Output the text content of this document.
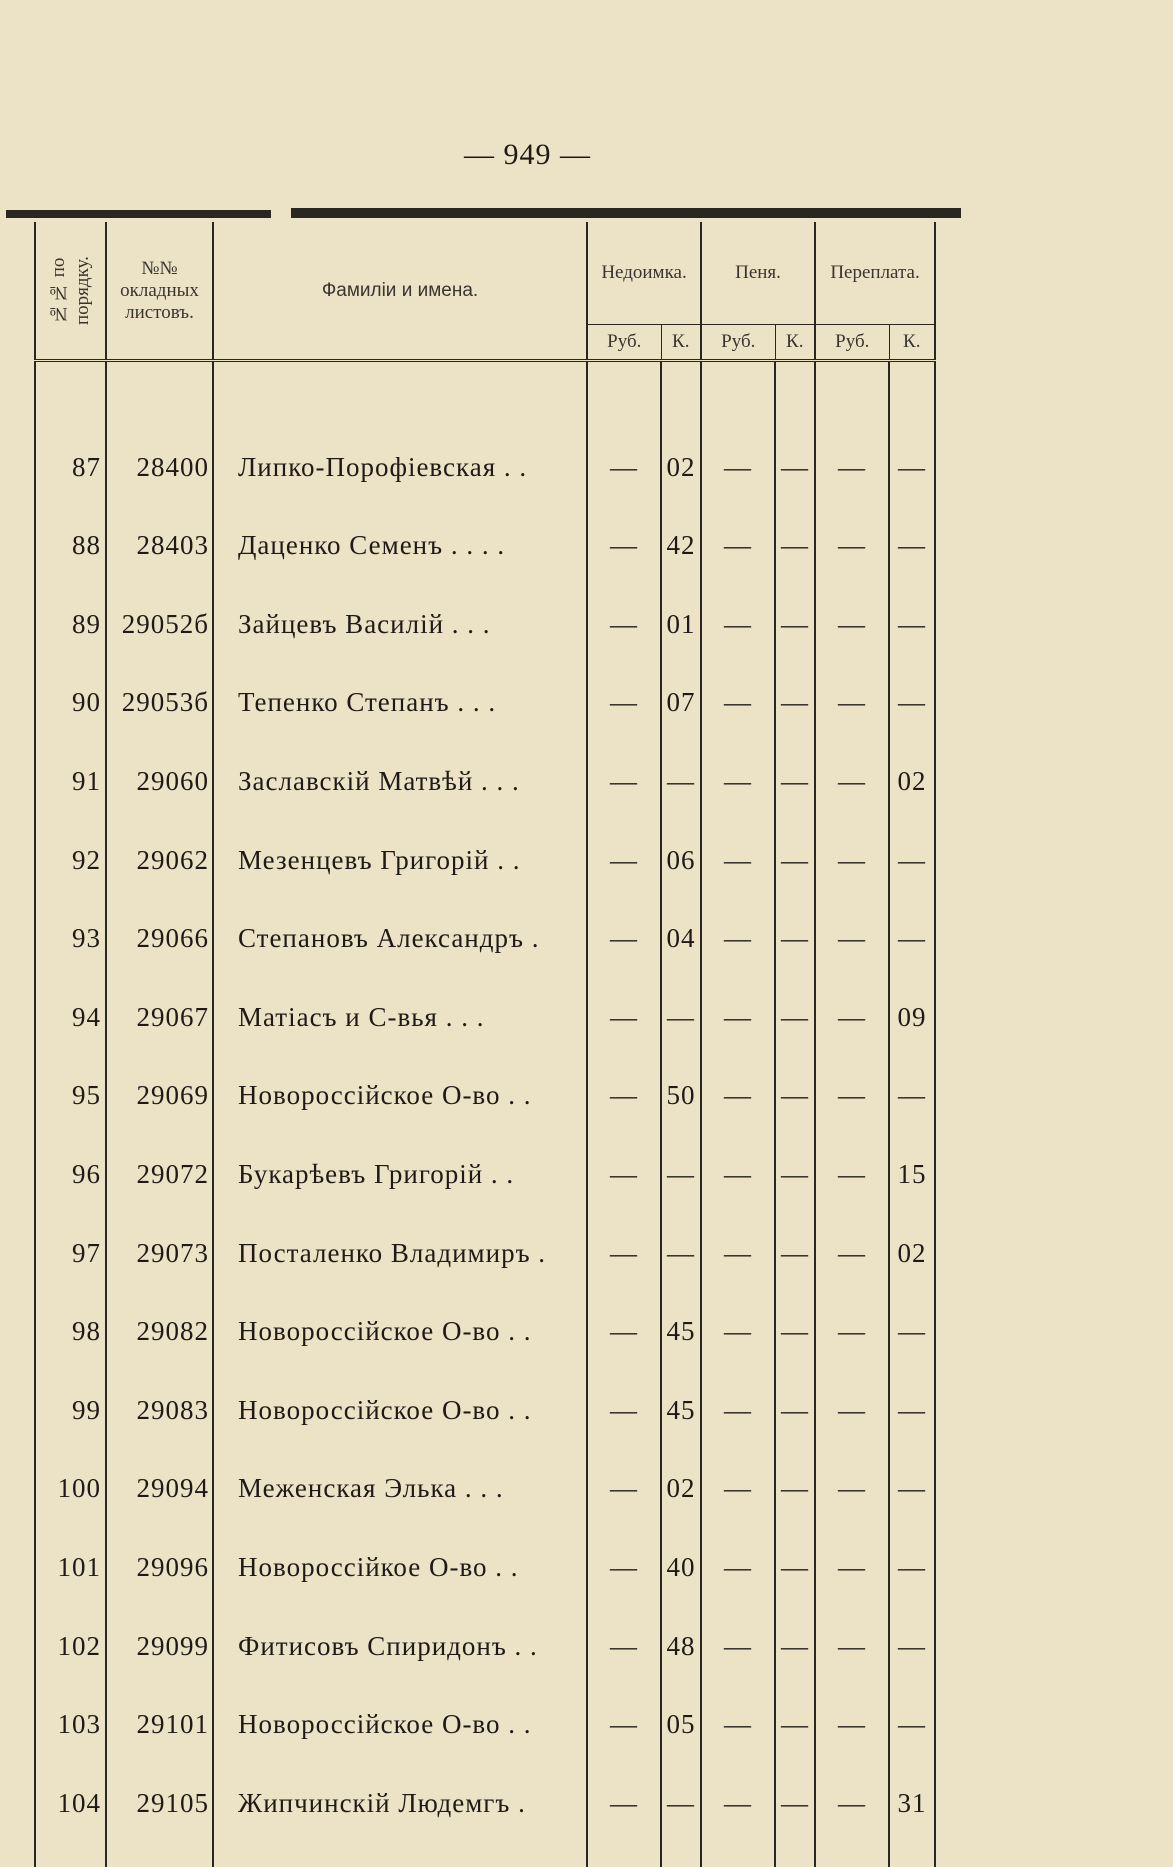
— 949 —
№№ по порядку.	№№ окладных листовъ.	Фамилiи и имена.	Недоимка.		Пеня.		Переплата.	
			Руб.	К.	Руб.	К.	Руб.	К.

87	28400	Липко-Порофiевская . .	—	02	—	—	—	—
88	28403	Даценко Семенъ . . . .	—	42	—	—	—	—
89	29052б	Зайцевъ Василiй . . .	—	01	—	—	—	—
90	29053б	Тепенко Степанъ . . .	—	07	—	—	—	—
91	29060	Заславскiй Матвѣй . . .	—	—	—	—	—	02
92	29062	Мезенцевъ Григорiй . .	—	06	—	—	—	—
93	29066	Степановъ Александръ .	—	04	—	—	—	—
94	29067	Матiасъ и С-вья . . .	—	—	—	—	—	09
95	29069	Новороссiйское О-во . .	—	50	—	—	—	—
96	29072	Букарѣевъ Григорiй . .	—	—	—	—	—	15
97	29073	Посталенко Владимиръ .	—	—	—	—	—	02
98	29082	Новороссiйское О-во . .	—	45	—	—	—	—
99	29083	Новороссiйское О-во . .	—	45	—	—	—	—
100	29094	Меженская Элька . . .	—	02	—	—	—	—
101	29096	Новороссiйкое О-во . .	—	40	—	—	—	—
102	29099	Фитисовъ Спиридонъ . .	—	48	—	—	—	—
103	29101	Новороссiйское О-во . .	—	05	—	—	—	—
104	29105	Жипчинскiй Людемгъ .	—	—	—	—	—	31
